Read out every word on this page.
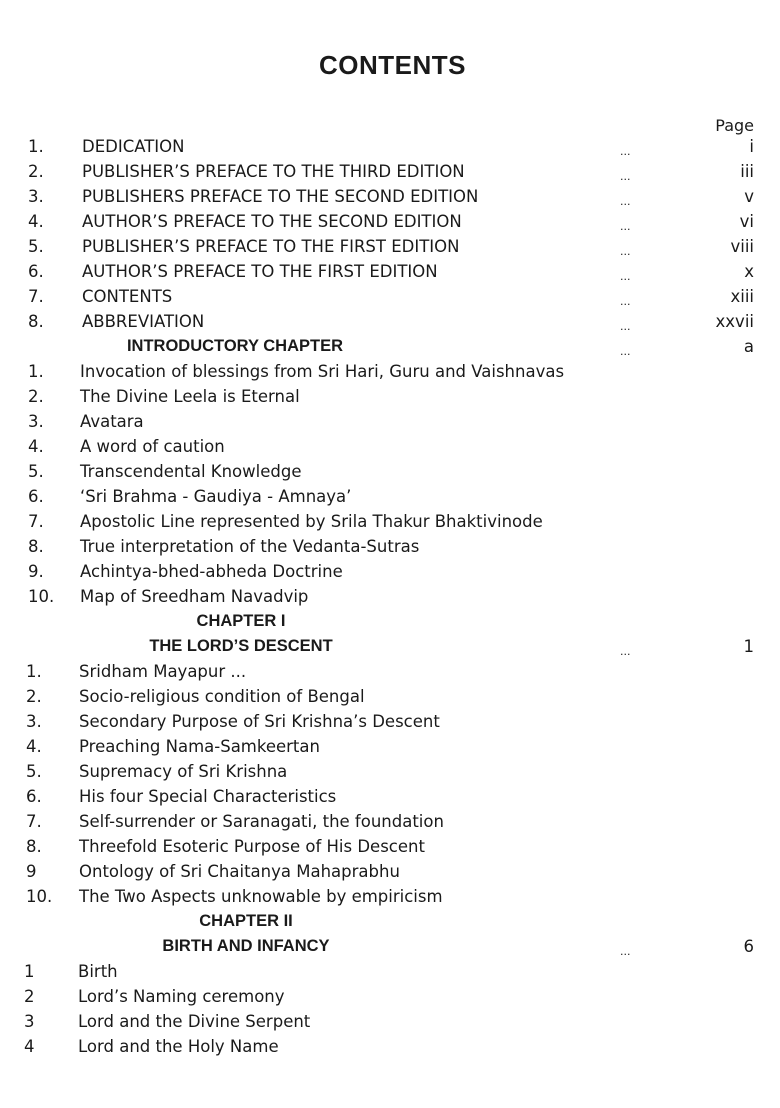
CONTENTS
Page
1.	DEDICATION	...	i
2.	PUBLISHER’S PREFACE TO THE THIRD EDITION	...	iii
3.	PUBLISHERS PREFACE TO THE SECOND EDITION	...	v
4.	AUTHOR’S PREFACE TO THE SECOND EDITION	...	vi
5.	PUBLISHER’S PREFACE TO THE FIRST EDITION	...	viii
6.	AUTHOR’S PREFACE TO THE FIRST EDITION	...	x
7.	CONTENTS	...	xiii
8.	ABBREVIATION	...	xxvii
INTRODUCTORY CHAPTER	...	a
1.	Invocation of blessings from Sri Hari, Guru and Vaishnavas
2.	The Divine Leela is Eternal
3.	Avatara
4.	A word of caution
5.	Transcendental Knowledge
6.	‘Sri Brahma - Gaudiya - Amnaya’
7.	Apostolic Line represented by Srila Thakur Bhaktivinode
8.	True interpretation of the Vedanta-Sutras
9.	Achintya-bhed-abheda Doctrine
10.	Map of Sreedham Navadvip
CHAPTER I
THE LORD’S DESCENT	...	1
1.	Sridham Mayapur ...
2.	Socio-religious condition of Bengal
3.	Secondary Purpose of Sri Krishna’s Descent
4.	Preaching Nama-Samkeertan
5.	Supremacy of Sri Krishna
6.	His four Special Characteristics
7.	Self-surrender or Saranagati, the foundation
8.	Threefold Esoteric Purpose of His Descent
9	Ontology of Sri Chaitanya Mahaprabhu
10.	The Two Aspects unknowable by empiricism
CHAPTER II
BIRTH AND INFANCY	...	6
1	Birth
2	Lord’s Naming ceremony
3	Lord and the Divine Serpent
4	Lord and the Holy Name
